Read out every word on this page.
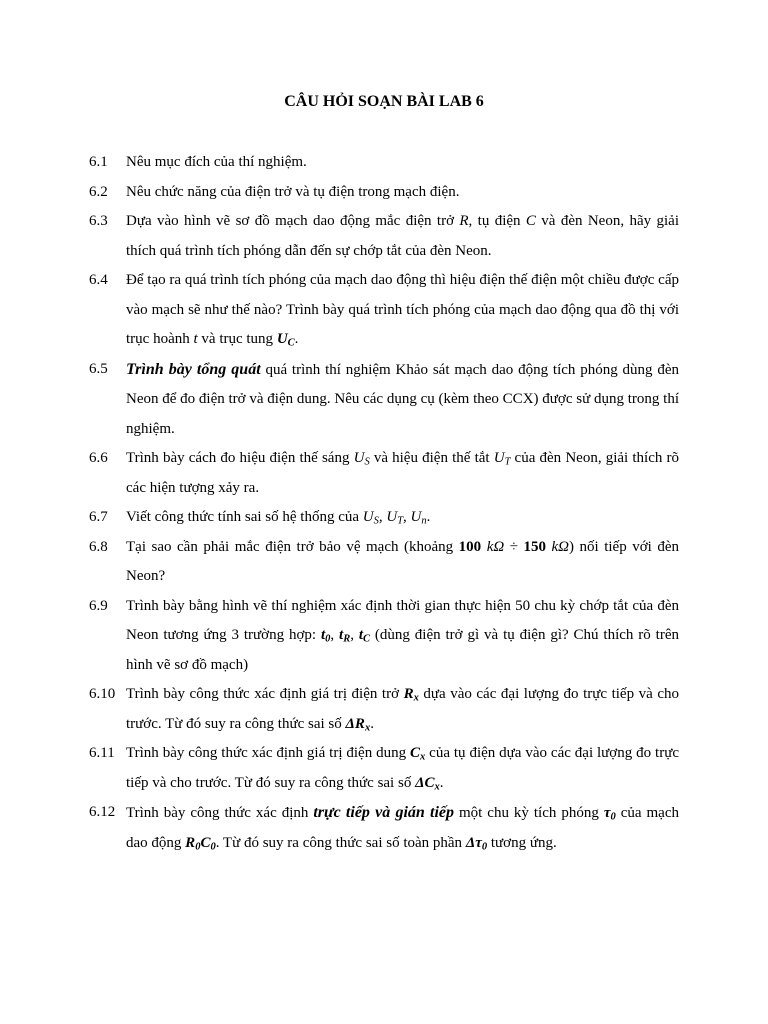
CÂU HỎI SOẠN BÀI LAB 6
6.1	Nêu mục đích của thí nghiệm.
6.2	Nêu chức năng của điện trở và tụ điện trong mạch điện.
6.3	Dựa vào hình vẽ sơ đồ mạch dao động mắc điện trở R, tụ điện C và đèn Neon, hãy giải thích quá trình tích phóng dẫn đến sự chớp tắt của đèn Neon.
6.4	Để tạo ra quá trình tích phóng của mạch dao động thì hiệu điện thế điện một chiều được cấp vào mạch sẽ như thế nào? Trình bày quá trình tích phóng của mạch dao động qua đồ thị với trục hoành t và trục tung $U_C$.
6.5	Trình bày tổng quát quá trình thí nghiệm Khảo sát mạch dao động tích phóng dùng đèn Neon để đo điện trở và điện dung. Nêu các dụng cụ (kèm theo CCX) được sử dụng trong thí nghiệm.
6.6	Trình bày cách đo hiệu điện thế sáng $U_S$ và hiệu điện thế tắt $U_T$ của đèn Neon, giải thích rõ các hiện tượng xảy ra.
6.7	Viết công thức tính sai số hệ thống của $U_S$, $U_T$, $U_n$.
6.8	Tại sao cần phải mắc điện trở bảo vệ mạch (khoảng 100 kΩ ÷ 150 kΩ) nối tiếp với đèn Neon?
6.9	Trình bày bằng hình vẽ thí nghiệm xác định thời gian thực hiện 50 chu kỳ chớp tắt của đèn Neon tương ứng 3 trường hợp: $t_0$, $t_R$, $t_C$ (dùng điện trở gì và tụ điện gì? Chú thích rõ trên hình vẽ sơ đồ mạch)
6.10 Trình bày công thức xác định giá trị điện trở $R_x$ dựa vào các đại lượng đo trực tiếp và cho trước. Từ đó suy ra công thức sai số $\Delta R_x$.
6.11 Trình bày công thức xác định giá trị điện dung $C_x$ của tụ điện dựa vào các đại lượng đo trực tiếp và cho trước. Từ đó suy ra công thức sai số $\Delta C_x$.
6.12 Trình bày công thức xác định trực tiếp và gián tiếp một chu kỳ tích phóng $\tau_0$ của mạch dao động $R_0C_0$. Từ đó suy ra công thức sai số toàn phần $\Delta\tau_0$ tương ứng.
